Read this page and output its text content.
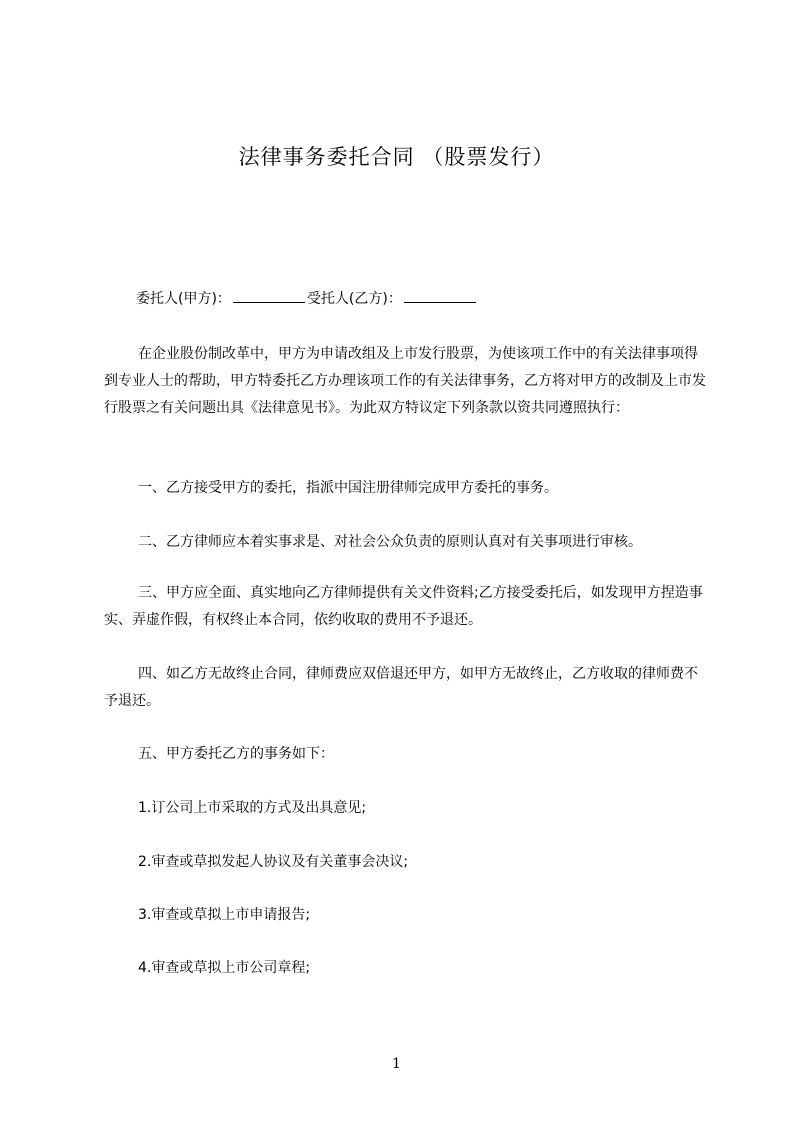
法律事务委托合同 （股票发行）
委托人(甲方)：	受托人(乙方)：
在企业股份制改革中，甲方为申请改组及上市发行股票，为使该项工作中的有关法律事项得到专业人士的帮助，甲方特委托乙方办理该项工作的有关法律事务，乙方将对甲方的改制及上市发行股票之有关问题出具《法律意见书》。为此双方特议定下列条款以资共同遵照执行：
一、乙方接受甲方的委托，指派中国注册律师完成甲方委托的事务。
二、乙方律师应本着实事求是、对社会公众负责的原则认真对有关事项进行审核。
三、甲方应全面、真实地向乙方律师提供有关文件资料;乙方接受委托后，如发现甲方捏造事实、弄虚作假，有权终止本合同，依约收取的费用不予退还。
四、如乙方无故终止合同，律师费应双倍退还甲方，如甲方无故终止，乙方收取的律师费不予退还。
五、甲方委托乙方的事务如下：
1.订公司上市采取的方式及出具意见;
2.审查或草拟发起人协议及有关董事会决议;
3.审查或草拟上市申请报告;
4.审查或草拟上市公司章程;
1
